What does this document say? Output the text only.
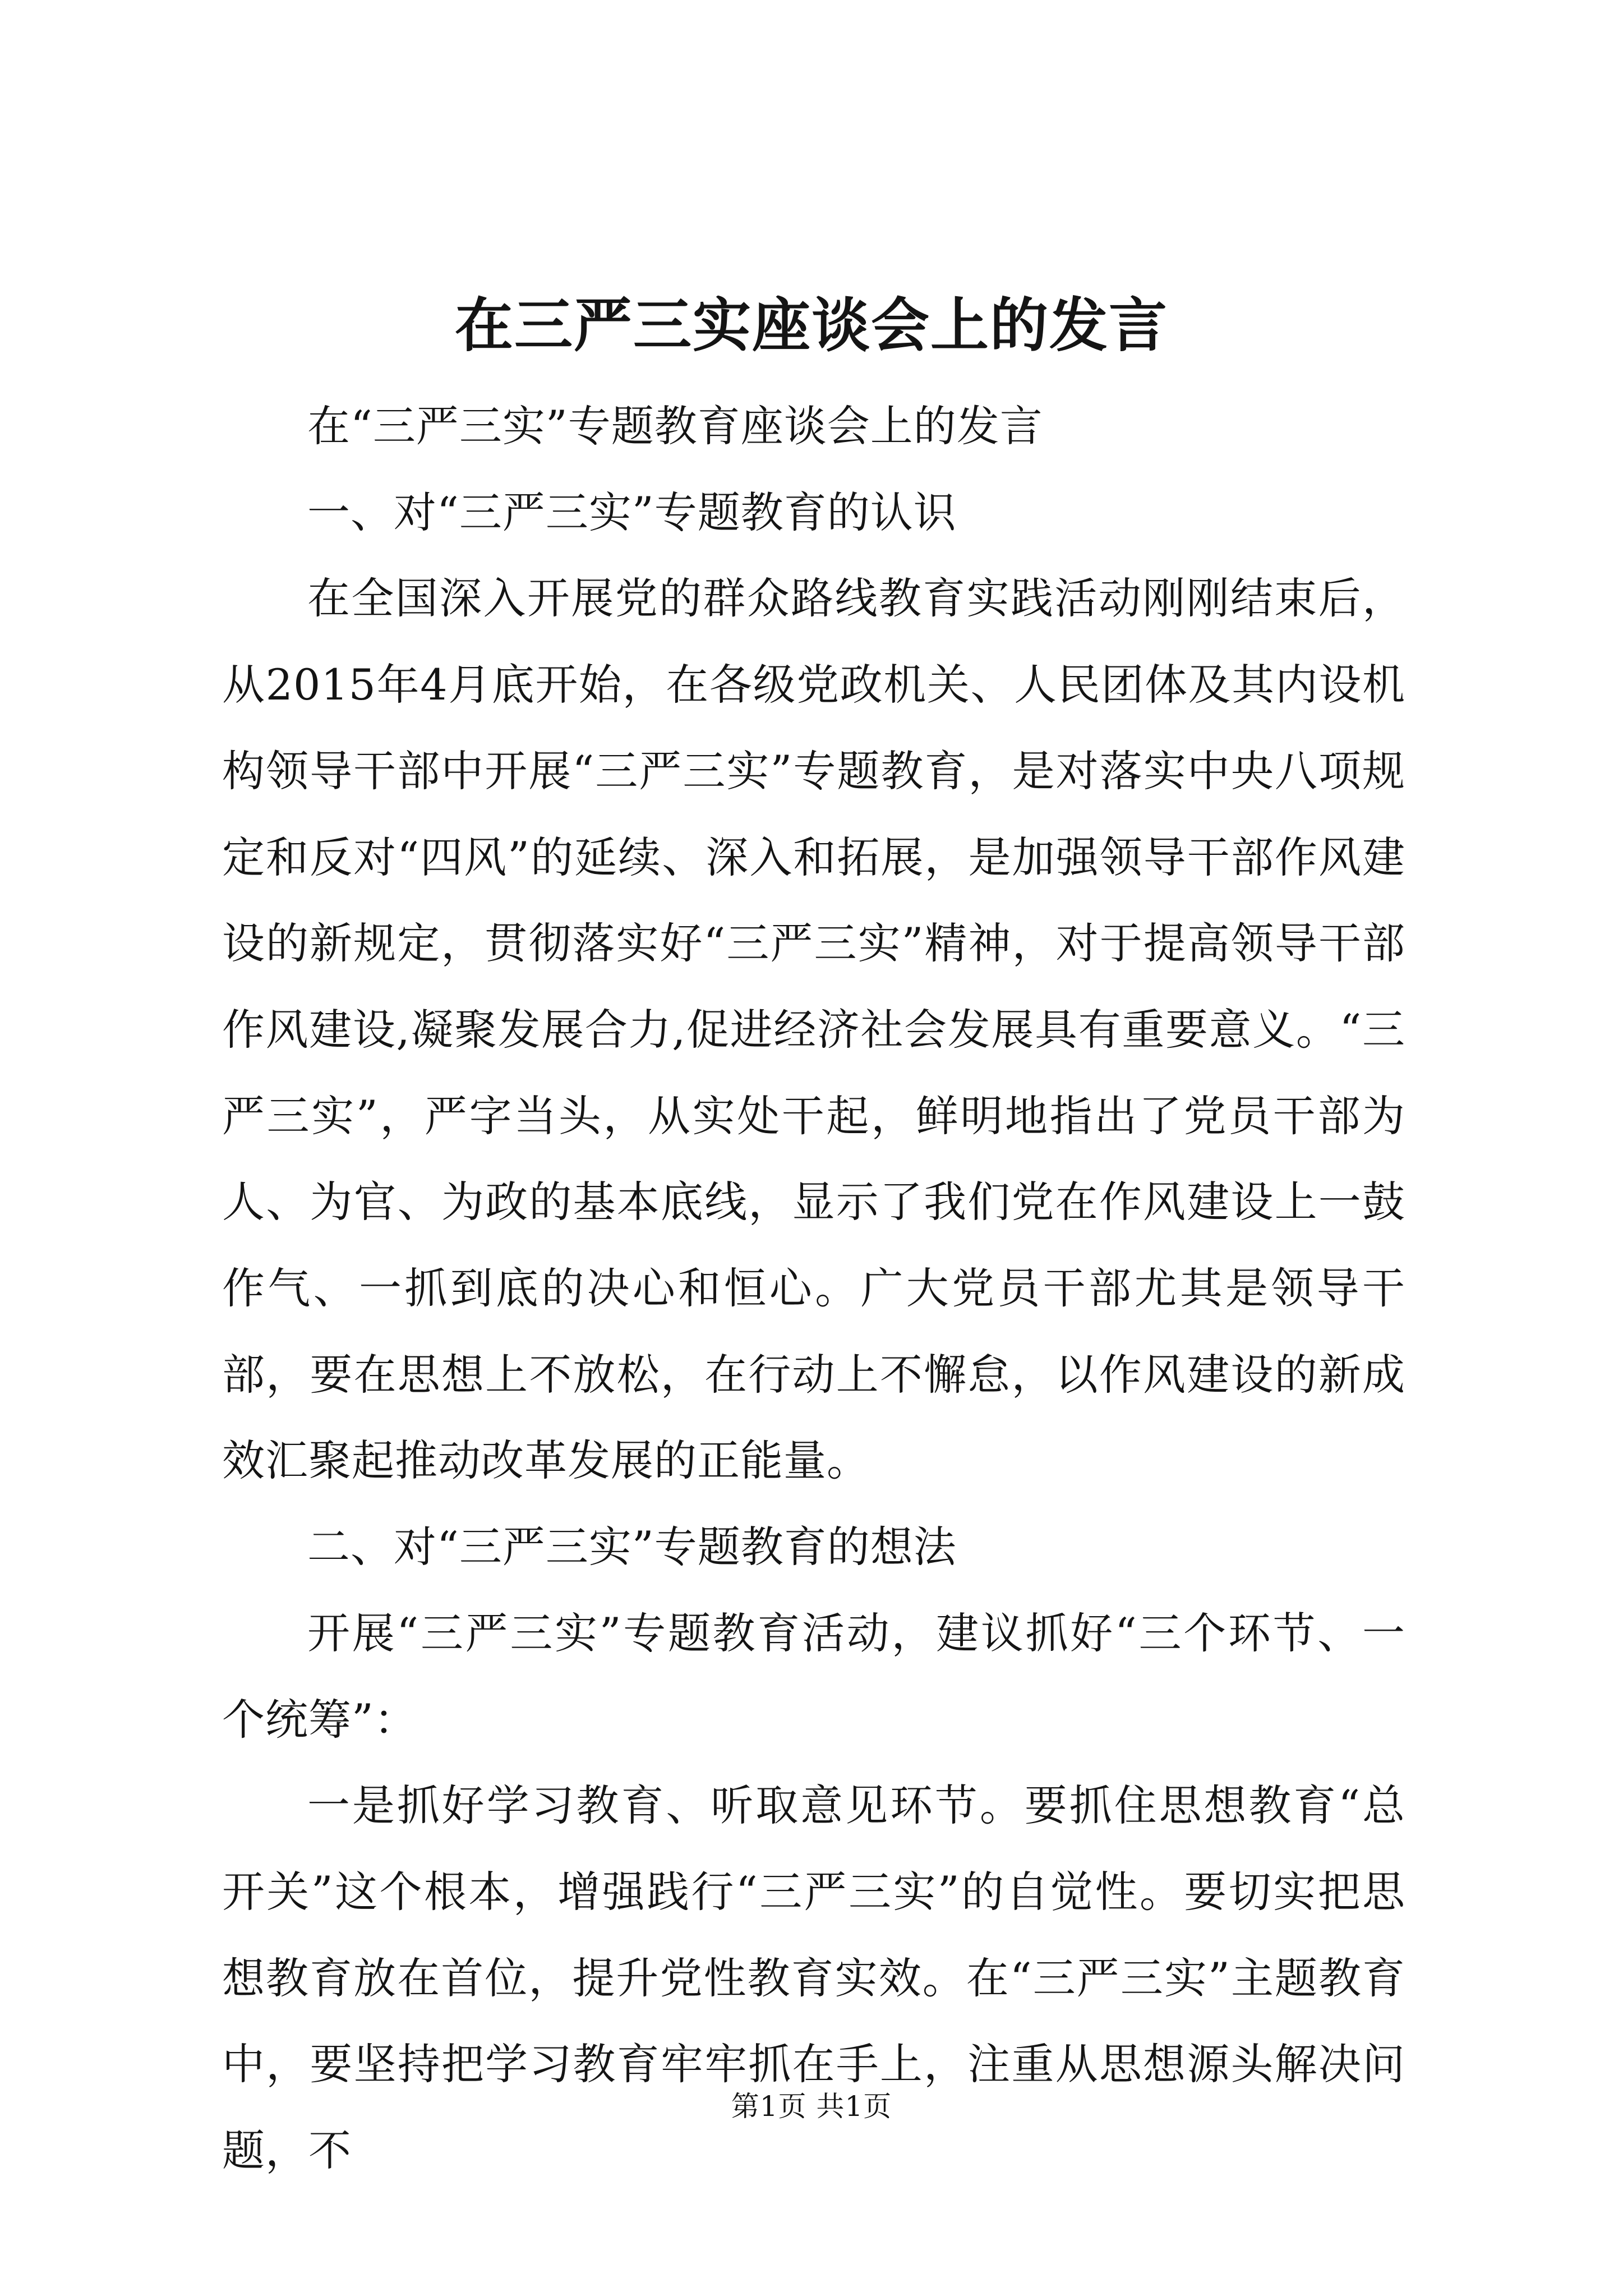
在三严三实座谈会上的发言

在“三严三实”专题教育座谈会上的发言

一、对“三严三实”专题教育的认识

在全国深入开展党的群众路线教育实践活动刚刚结束后，从2015年4月底开始，在各级党政机关、人民团体及其内设机构领导干部中开展“三严三实”专题教育，是对落实中央八项规定和反对“四风”的延续、深入和拓展，是加强领导干部作风建设的新规定，贯彻落实好“三严三实”精神，对于提高领导干部作风建设,凝聚发展合力,促进经济社会发展具有重要意义。“三严三实”，严字当头，从实处干起，鲜明地指出了党员干部为人、为官、为政的基本底线，显示了我们党在作风建设上一鼓作气、一抓到底的决心和恒心。广大党员干部尤其是领导干部，要在思想上不放松，在行动上不懈怠，以作风建设的新成效汇聚起推动改革发展的正能量。

二、对“三严三实”专题教育的想法

开展“三严三实”专题教育活动，建议抓好“三个环节、一个统筹”：

一是抓好学习教育、听取意见环节。要抓住思想教育“总开关”这个根本，增强践行“三严三实”的自觉性。要切实把思想教育放在首位，提升党性教育实效。在“三严三实”主题教育中，要坚持把学习教育牢牢抓在手上，注重从思想源头解决问题，不

第1页 共1页
